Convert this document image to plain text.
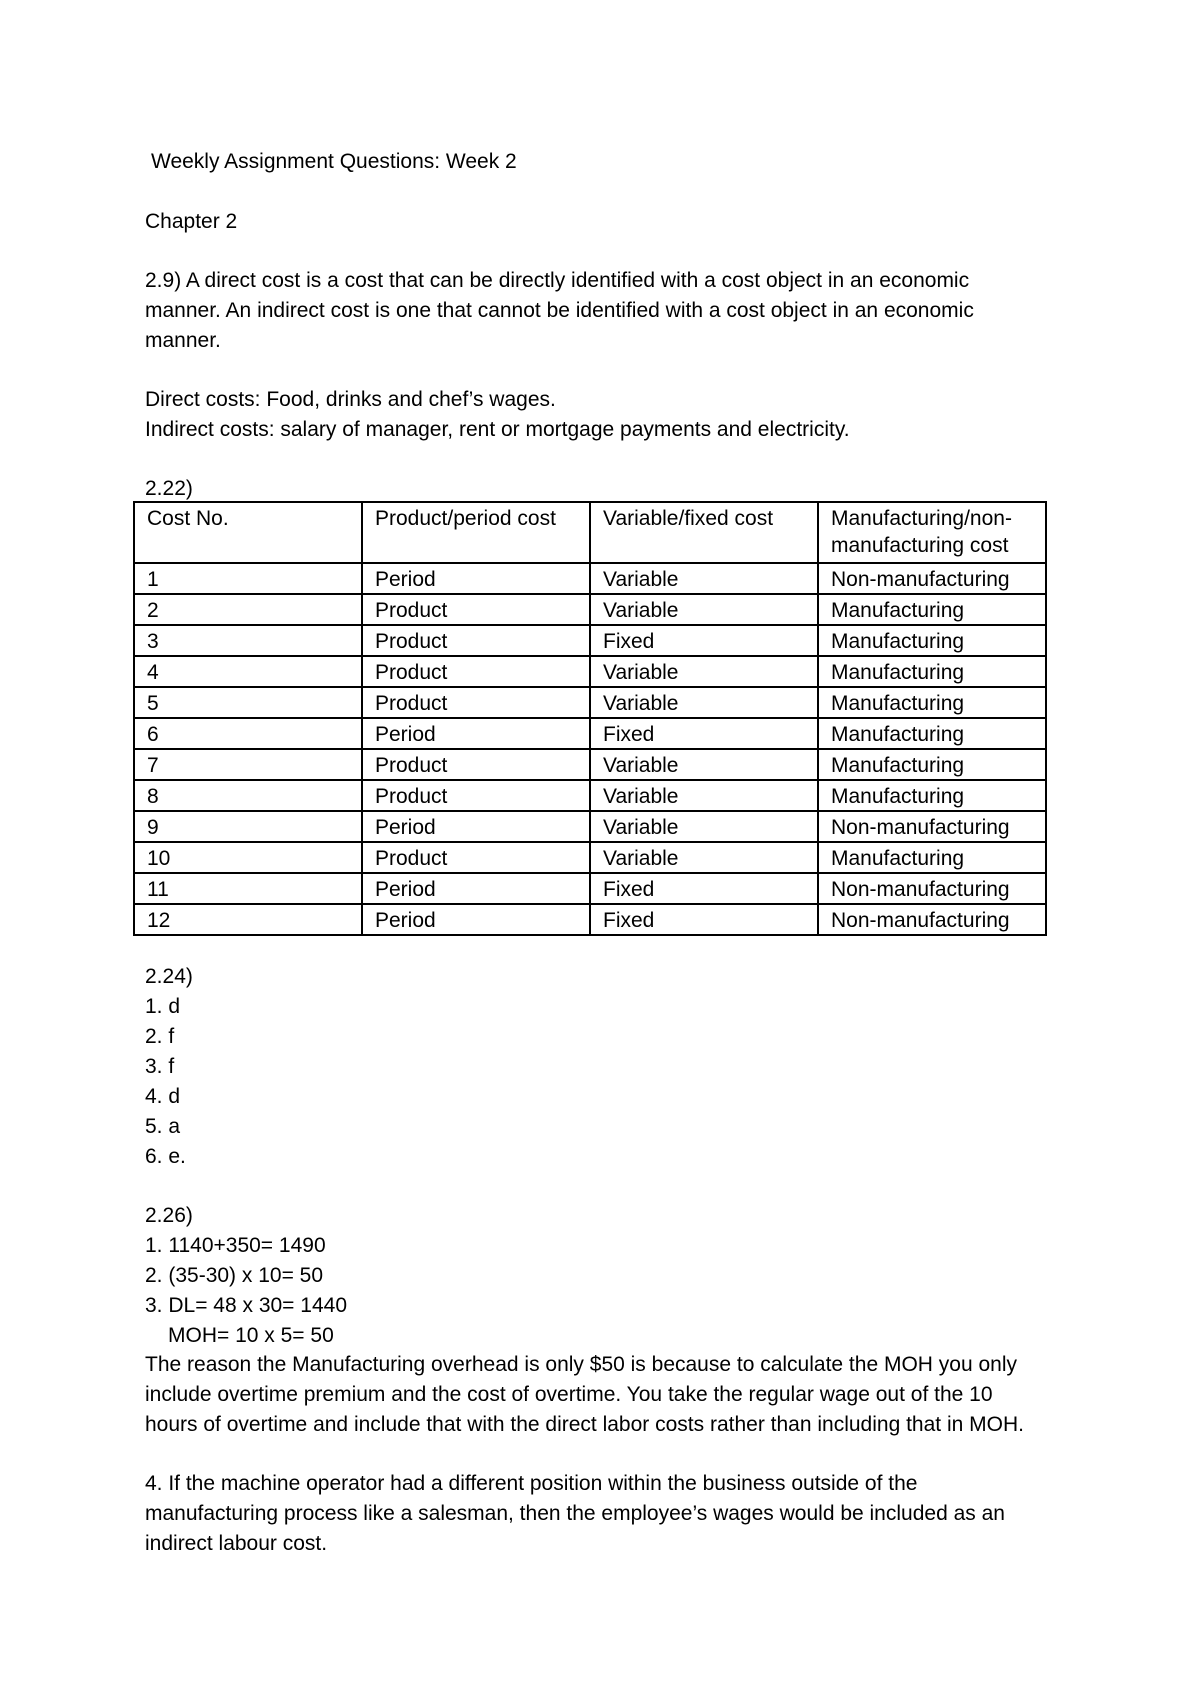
Weekly Assignment Questions: Week 2
Chapter 2
2.9) A direct cost is a cost that can be directly identified with a cost object in an economic manner. An indirect cost is one that cannot be identified with a cost object in an economic manner.
Direct costs: Food, drinks and chef’s wages.
Indirect costs: salary of manager, rent or mortgage payments and electricity.
2.22)
Cost No.	Product/period cost	Variable/fixed cost	Manufacturing/non-manufacturing cost
1	Period	Variable	Non-manufacturing
2	Product	Variable	Manufacturing
3	Product	Fixed	Manufacturing
4	Product	Variable	Manufacturing
5	Product	Variable	Manufacturing
6	Period	Fixed	Manufacturing
7	Product	Variable	Manufacturing
8	Product	Variable	Manufacturing
9	Period	Variable	Non-manufacturing
10	Product	Variable	Manufacturing
11	Period	Fixed	Non-manufacturing
12	Period	Fixed	Non-manufacturing
2.24)
1. d
2. f
3. f
4. d
5. a
6. e.
2.26)
1. 1140+350= 1490
2. (35-30) x 10= 50
3. DL= 48 x 30= 1440
MOH= 10 x 5= 50
The reason the Manufacturing overhead is only $50 is because to calculate the MOH you only include overtime premium and the cost of overtime. You take the regular wage out of the 10 hours of overtime and include that with the direct labor costs rather than including that in MOH.
4. If the machine operator had a different position within the business outside of the manufacturing process like a salesman, then the employee’s wages would be included as an indirect labour cost.
